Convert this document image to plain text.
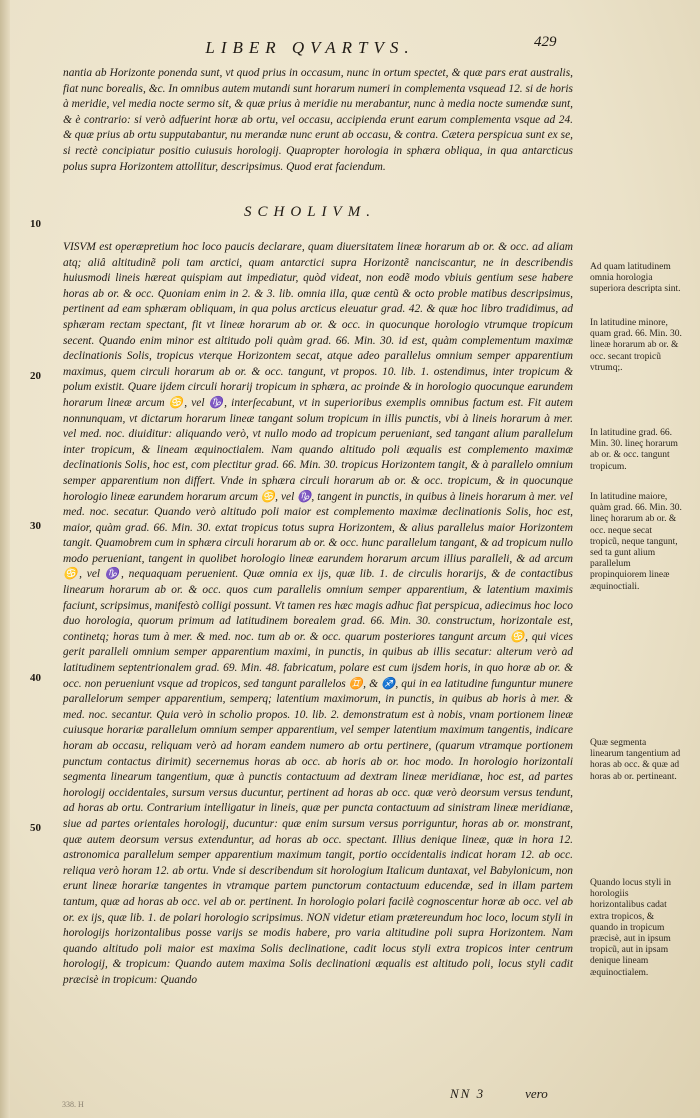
LIBER QVARTVS.	429

nantia ab Horizonte ponenda sunt, vt quod prius in occasum, nunc in ortum spectet, & quæ pars erat australis, fiat nunc borealis, &c. In omnibus autem mutandi sunt horarum numeri in complementa vsquead 12. si de horis à meridie, vel media nocte sermo sit, & quæ prius à meridie nu merabantur, nunc à media nocte sumendæ sunt, & è contrario: si verò adfuerint horæ ab ortu, vel occasu, accipienda erunt earum complementa vsque ad 24. & quæ prius ab ortu supputabantur, nu merandæ nunc erunt ab occasu, & contra. Cætera perspicua sunt ex se, si rectè concipiatur positio cuiusuis horologij. Quapropter horologia in sphæra obliqua, in qua antarcticus polus supra Horizontem attollitur, descripsimus. Quod erat faciendum.

10
SCHOLIVM.

VISVM est operæpretium hoc loco paucis declarare, quam diuersitatem lineæ horarum ab or. & occ. ad aliam atq; aliâ altitudinẽ poli tam arctici, quam antarctici supra Horizontẽ nanciscantur, ne in describendis huiusmodi lineis hæreat quispiam aut impediatur, quòd videat, non eodẽ modo vbiuis gentium sese habere horas ab or. & occ. Quoniam enim in 2. & 3. lib. omnia illa, quæ centũ & octo proble matibus descripsimus, pertinent ad eam sphæram obliquam, in qua polus arcticus eleuatur grad. 42. & quæ hoc libro tradidimus, ad sphæram rectam spectant, fit vt lineæ horarum ab or. & occ. in quocunque horologio vtrumque tropicum secent. Quando enim minor est altitudo poli quàm grad. 66. Min. 30. id est, quàm complementum maximæ declinationis Solis, tropicus vterque Horizontem secat, atque adeo parallelus omnium semper apparentium maximus, quem circuli horarum ab or. & occ. tangunt, vt propos. 10. lib. 1. ostendimus, inter tropicum & polum existit. Quare ijdem circuli horarij tropicum in sphæra, ac proinde & in horologio quocunque earundem horarum lineæ arcum ♋, vel ♑, interſecabunt, vt in superioribus exemplis omnibus factum est. Fit autem nonnunquam, vt dictarum horarum lineæ tangant solum tropicum in illis punctis, vbi à lineis horarum à mer. vel med. noc. diuiditur: aliquando verò, vt nullo modo ad tropicum perueniant, sed tangant alium parallelum inter tropicum, & lineam æquinoctialem. Nam quando altitudo poli æqualis est complemento maximæ declinationis Solis, hoc est, com plectitur grad. 66. Min. 30. tropicus Horizontem tangit, & à parallelo omnium semper apparentium non differt. Vnde in sphæra circuli horarum ab or. & occ. tropicum, & in quocunque horologio lineæ earundem horarum arcum ♋, vel ♑, tangent in punctis, in quibus à lineis horarum à mer. vel med. noc. secatur. Quando verò altitudo poli maior est complemento maximæ declinationis Solis, hoc est, maior, quàm grad. 66. Min. 30. extat tropicus totus supra Horizontem, & alius parallelus maior Horizontem tangit. Quamobrem cum in sphæra circuli horarum ab or. & occ. hunc parallelum tangant, & ad tropicum nullo modo perueniant, tangent in quolibet horologio lineæ earundem horarum arcum illius paralleli, & ad arcum ♋, vel ♑, nequaquam peruenient. Quæ omnia ex ijs, quæ lib. 1. de circulis horarijs, & de contactibus linearum horarum ab or. & occ. quos cum parallelis omnium semper apparentium, & latentium maximis faciunt, scripsimus, manifestò colligi possunt. Vt tamen res hæc magis adhuc fiat perspicua, adiecimus hoc loco duo horologia, quorum primum ad latitudinem borealem grad. 66. Min. 30. constructum, horizontale est, continetq; horas tum à mer. & med. noc. tum ab or. & occ. quarum posteriores tangunt arcum ♋, qui vices gerit paralleli omnium semper apparentium maximi, in punctis, in quibus ab illis secatur: alterum verò ad latitudinem septentrionalem grad. 69. Min. 48. fabricatum, polare est cum ijsdem horis, in quo horæ ab or. & occ. non perueniunt vsque ad tropicos, sed tangunt parallelos ♊, & ♐, qui in ea latitudine funguntur munere parallelorum semper apparentium, semperq; latentium maximorum, in punctis, in quibus ab horis à mer. & med. noc. secantur. Quia verò in scholio propos. 10. lib. 2. demonstratum est à nobis, vnam portionem lineæ cuiusque horariæ parallelum omnium semper apparentium, vel semper latentium maximum tangentis, indicare horam ab occasu, reliquam verò ad horam eandem numero ab ortu pertinere, (quarum vtramque portionem punctum contactus dirimit) secernemus horas ab occ. ab horis ab or. hoc modo. In horologio horizontali segmenta linearum tangentium, quæ à punctis contactuum ad dextram lineæ meridianæ, hoc est, ad partes horologij occidentales, sursum versus ducuntur, pertinent ad horas ab occ. quæ verò deorsum versus tendunt, ad horas ab ortu. Contrarium intelligatur in lineis, quæ per puncta contactuum ad sinistram lineæ meridianæ, siue ad partes orientales horologij, ducuntur: quæ enim sursum versus porriguntur, horas ab or. monstrant, quæ autem deorsum versus extenduntur, ad horas ab occ. spectant. Illius denique lineæ, quæ in hora 12. astronomica parallelum semper apparentium maximum tangit, portio occidentalis indicat horam 12. ab occ. reliqua verò horam 12. ab ortu. Vnde si describendum sit horologium Italicum duntaxat, vel Babylonicum, non erunt lineæ horariæ tangentes in vtramque partem punctorum contactuum educendæ, sed in illam partem tantum, quæ ad horas ab occ. vel ab or. pertinent. In horologio polari facilè cognoscentur horæ ab occ. vel ab or. ex ijs, quæ lib. 1. de polari horologio scripsimus. NON videtur etiam prætereundum hoc loco, locum styli in horologijs horizontalibus posse varijs se modis habere, pro varia altitudine poli supra Horizontem. Nam quando altitudo poli maior est maxima Solis declinatione, cadit locus styli extra tropicos inter centrum horologij, & tropicum: Quando autem maxima Solis declinationi æqualis est altitudo poli, locus styli cadit præcisè in tropicum: Quando

20
30
40
50
Ad quam latitudinem omnia horologia superiora descripta sint.
In latitudine minore, quam grad. 66. Min. 30. lineæ horarum ab or. & occ. secant tropicũ vtrumq;.
In latitudine grad. 66. Min. 30. lineç horarum ab or. & occ. tangunt tropicum.
In latitudine maiore, quàm grad. 66. Min. 30. lineç horarum ab or. & occ. neque secat tropicũ, neque tangunt, sed ta gunt alium parallelum propinquiorem lineæ æquinoctiali.
Quæ segmenta linearum tangentium ad horas ab occ. & quæ ad horas ab or. pertineant.
Quando locus styli in horologiis horizontalibus cadat extra tropicos, & quando in tropicum præcisè, aut in ipsum tropicũ, aut in ipsam denique lineam æquinoctialem.
NN 3	vero
338. H
